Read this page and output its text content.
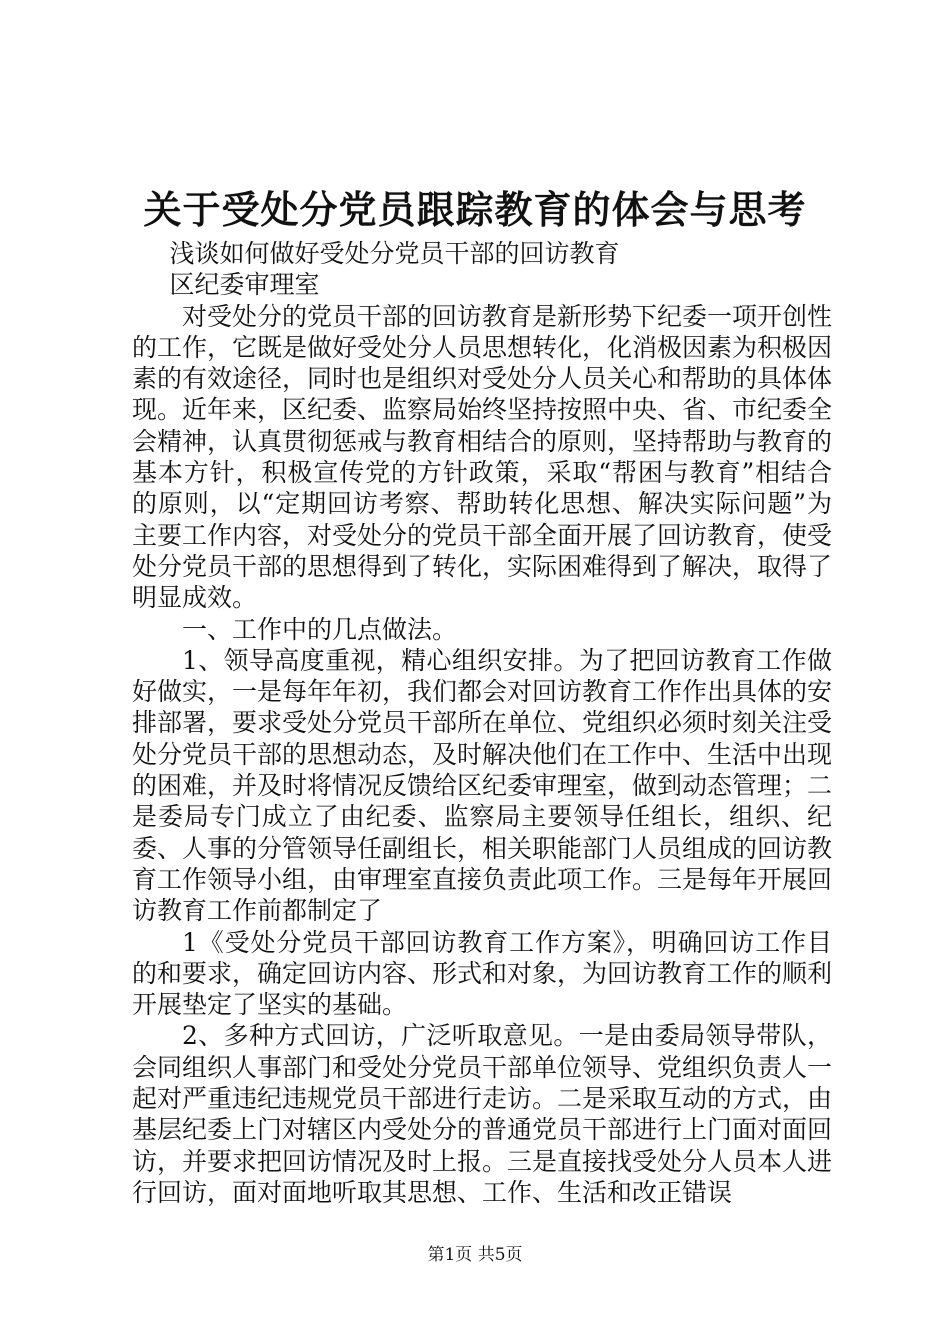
关于受处分党员跟踪教育的体会与思考

浅谈如何做好受处分党员干部的回访教育

区纪委审理室

对受处分的党员干部的回访教育是新形势下纪委一项开创性的工作，它既是做好受处分人员思想转化，化消极因素为积极因素的有效途径，同时也是组织对受处分人员关心和帮助的具体体现。近年来，区纪委、监察局始终坚持按照中央、省、市纪委全会精神，认真贯彻惩戒与教育相结合的原则，坚持帮助与教育的基本方针，积极宣传党的方针政策，采取“帮困与教育”相结合的原则，以“定期回访考察、帮助转化思想、解决实际问题”为主要工作内容，对受处分的党员干部全面开展了回访教育，使受处分党员干部的思想得到了转化，实际困难得到了解决，取得了明显成效。

一、工作中的几点做法。

1、领导高度重视，精心组织安排。为了把回访教育工作做好做实，一是每年年初，我们都会对回访教育工作作出具体的安排部署，要求受处分党员干部所在单位、党组织必须时刻关注受处分党员干部的思想动态，及时解决他们在工作中、生活中出现的困难，并及时将情况反馈给区纪委审理室，做到动态管理；二是委局专门成立了由纪委、监察局主要领导任组长，组织、纪委、人事的分管领导任副组长，相关职能部门人员组成的回访教育工作领导小组，由审理室直接负责此项工作。三是每年开展回访教育工作前都制定了

1《受处分党员干部回访教育工作方案》，明确回访工作目的和要求，确定回访内容、形式和对象，为回访教育工作的顺利开展垫定了坚实的基础。

2、多种方式回访，广泛听取意见。一是由委局领导带队，会同组织人事部门和受处分党员干部单位领导、党组织负责人一起对严重违纪违规党员干部进行走访。二是采取互动的方式，由基层纪委上门对辖区内受处分的普通党员干部进行上门面对面回访，并要求把回访情况及时上报。三是直接找受处分人员本人进行回访，面对面地听取其思想、工作、生活和改正错误

第1页 共5页
